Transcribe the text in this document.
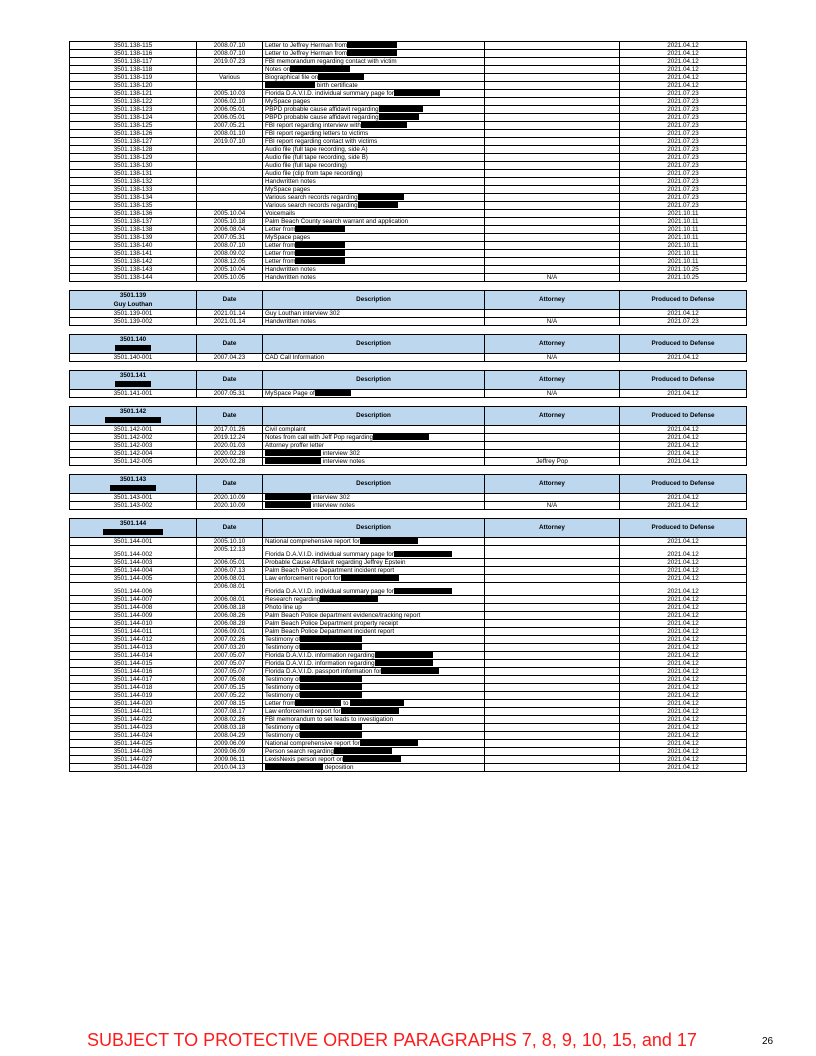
3501.138-115	2008.07.10	Letter to Jeffrey Herman from		2021.04.12
3501.138-116	2008.07.10	Letter to Jeffrey Herman from		2021.04.12
3501.138-117	2019.07.23	FBI memorandum regarding contact with victim		2021.04.12
3501.138-118		Notes on		2021.04.12
3501.138-119	Various	Biographical file on		2021.04.12
3501.138-120		birth certificate		2021.04.12
3501.138-121	2005.10.03	Florida D.A.V.I.D. individual summary page for		2021.07.23
3501.138-122	2006.02.10	MySpace pages		2021.07.23
3501.138-123	2006.05.01	PBPD probable cause affidavit regarding		2021.07.23
3501.138-124	2006.05.01	PBPD probable cause affidavit regarding		2021.07.23
3501.138-125	2007.05.21	FBI report regarding interview with		2021.07.23
3501.138-126	2008.01.10	FBI report regarding letters to victims		2021.07.23
3501.138-127	2019.07.10	FBI report regarding contact with victims		2021.07.23
3501.138-128		Audio file (full tape recording, side A)		2021.07.23
3501.138-129		Audio file (full tape recording, side B)		2021.07.23
3501.138-130		Audio file (full tape recording)		2021.07.23
3501.138-131		Audio file (clip from tape recording)		2021.07.23
3501.138-132		Handwritten notes		2021.07.23
3501.138-133		MySpace pages		2021.07.23
3501.138-134		Various search records regarding		2021.07.23
3501.138-135		Various search records regarding		2021.07.23
3501.138-136	2005.10.04	Voicemails		2021.10.11
3501.138-137	2005.10.18	Palm Beach County search warrant and application		2021.10.11
3501.138-138	2006.08.04	Letter from		2021.10.11
3501.138-139	2007.05.31	MySpace pages		2021.10.11
3501.138-140	2008.07.10	Letter from		2021.10.11
3501.138-141	2008.09.02	Letter from		2021.10.11
3501.138-142	2008.12.05	Letter from		2021.10.11
3501.138-143	2005.10.04	Handwritten notes		2021.10.25
3501.138-144	2005.10.05	Handwritten notes	N/A	2021.10.25

3501.139
Guy Louthan	Date	Description	Attorney	Produced to Defense
3501.139-001	2021.01.14	Guy Louthan interview 302		2021.04.12
3501.139-002	2021.01.14	Handwritten notes	N/A	2021.07.23

3501.140	Date	Description	Attorney	Produced to Defense
3501.140-001	2007.04.23	CAD Call Information	N/A	2021.04.12

3501.141	Date	Description	Attorney	Produced to Defense
3501.141-001	2007.05.31	MySpace Page of	N/A	2021.04.12

3501.142	Date	Description	Attorney	Produced to Defense
3501.142-001	2017.01.26	Civil complaint		2021.04.12
3501.142-002	2019.12.24	Notes from call with Jeff Pop regarding		2021.04.12
3501.142-003	2020.01.03	Attorney proffer letter		2021.04.12
3501.142-004	2020.02.28	interview 302		2021.04.12
3501.142-005	2020.02.28	interview notes	Jeffrey Pop	2021.04.12

3501.143	Date	Description	Attorney	Produced to Defense
3501.143-001	2020.10.09	interview 302		2021.04.12
3501.143-002	2020.10.09	interview notes	N/A	2021.04.12

3501.144	Date	Description	Attorney	Produced to Defense
3501.144-001	2005.10.10	National comprehensive report for		2021.04.12
3501.144-002	2005.12.13	Florida D.A.V.I.D. individual summary page for		2021.04.12
3501.144-003	2006.05.01	Probable Cause Affidavit regarding Jeffrey Epstein		2021.04.12
3501.144-004	2006.07.13	Palm Beach Police Department incident report		2021.04.12
3501.144-005	2006.08.01	Law enforcement report for		2021.04.12
3501.144-006	2006.08.01	Florida D.A.V.I.D. individual summary page for		2021.04.12
3501.144-007	2006.08.01	Research regarding		2021.04.12
3501.144-008	2006.08.18	Photo line up		2021.04.12
3501.144-009	2006.08.26	Palm Beach Police department evidence/tracking report		2021.04.12
3501.144-010	2006.08.28	Palm Beach Police Department property receipt		2021.04.12
3501.144-011	2006.09.01	Palm Beach Police Department incident report		2021.04.12
3501.144-012	2007.02.26	Testimony of		2021.04.12
3501.144-013	2007.03.20	Testimony of		2021.04.12
3501.144-014	2007.05.07	Florida D.A.V.I.D. information regarding		2021.04.12
3501.144-015	2007.05.07	Florida D.A.V.I.D. information regarding		2021.04.12
3501.144-016	2007.05.07	Florida D.A.V.I.D. passport information for		2021.04.12
3501.144-017	2007.05.08	Testimony of		2021.04.12
3501.144-018	2007.05.15	Testimony of		2021.04.12
3501.144-019	2007.05.22	Testimony of		2021.04.12
3501.144-020	2007.08.15	Letter from to		2021.04.12
3501.144-021	2007.08.17	Law enforcement report for		2021.04.12
3501.144-022	2008.02.26	FBI memorandum to set leads to investigation		2021.04.12
3501.144-023	2008.03.18	Testimony of		2021.04.12
3501.144-024	2008.04.29	Testimony of		2021.04.12
3501.144-025	2009.06.09	National comprehensive report for		2021.04.12
3501.144-026	2009.06.09	Person search regarding		2021.04.12
3501.144-027	2009.06.11	LexisNexis person report on		2021.04.12
3501.144-028	2010.04.13	deposition		2021.04.12
SUBJECT TO PROTECTIVE ORDER PARAGRAPHS 7, 8, 9, 10, 15, and 17	26
